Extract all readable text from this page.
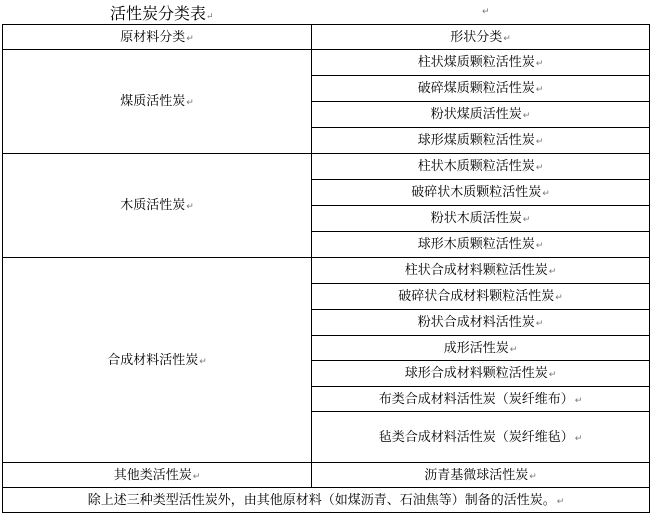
活性炭分类表↵	↵
原材料分类↵	形状分类↵
煤质活性炭↵	柱状煤质颗粒活性炭↵
	破碎煤质颗粒活性炭↵
	粉状煤质活性炭↵
	球形煤质颗粒活性炭↵
木质活性炭↵	柱状木质颗粒活性炭↵
	破碎状木质颗粒活性炭↵
	粉状木质活性炭↵
	球形木质颗粒活性炭↵
合成材料活性炭↵	柱状合成材料颗粒活性炭↵
	破碎状合成材料颗粒活性炭↵
	粉状合成材料活性炭↵
	成形活性炭↵
	球形合成材料颗粒活性炭↵
	布类合成材料活性炭（炭纤维布）↵
	毡类合成材料活性炭（炭纤维毡）↵
其他类活性炭↵	沥青基微球活性炭↵
除上述三种类型活性炭外，由其他原材料（如煤沥青、石油焦等）制备的活性炭。↵	
